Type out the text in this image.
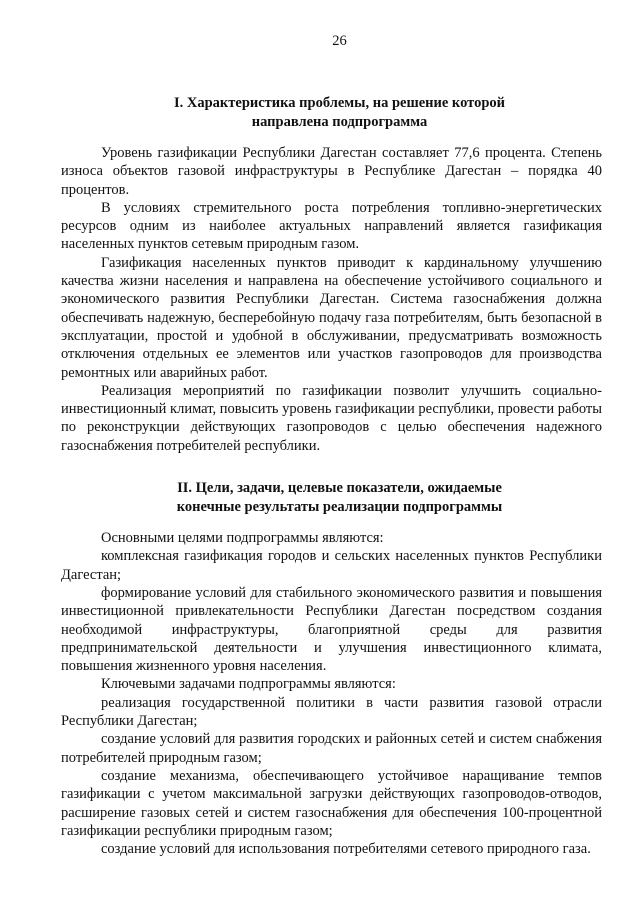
26
I. Характеристика проблемы, на решение которой
направлена подпрограмма

Уровень газификации Республики Дагестан составляет 77,6 процента. Степень износа объектов газовой инфраструктуры в Республике Дагестан – порядка 40 процентов.

В условиях стремительного роста потребления топливно-энергетических ресурсов одним из наиболее актуальных направлений является газификация населенных пунктов сетевым природным газом.

Газификация населенных пунктов приводит к кардинальному улучшению качества жизни населения и направлена на обеспечение устойчивого социального и экономического развития Республики Дагестан. Система газоснабжения должна обеспечивать надежную, бесперебойную подачу газа потребителям, быть безопасной в эксплуатации, простой и удобной в обслуживании, предусматривать возможность отключения отдельных ее элементов или участков газопроводов для производства ремонтных или аварийных работ.

Реализация мероприятий по газификации позволит улучшить социально-инвестиционный климат, повысить уровень газификации республики, провести работы по реконструкции действующих газопроводов с целью обеспечения надежного газоснабжения потребителей республики.

II. Цели, задачи, целевые показатели, ожидаемые
конечные результаты реализации подпрограммы

Основными целями подпрограммы являются:

комплексная газификация городов и сельских населенных пунктов Республики Дагестан;

формирование условий для стабильного экономического развития и повышения инвестиционной привлекательности Республики Дагестан посредством создания необходимой инфраструктуры, благоприятной среды для развития предпринимательской деятельности и улучшения инвестиционного климата, повышения жизненного уровня населения.

Ключевыми задачами подпрограммы являются:

реализация государственной политики в части развития газовой отрасли Республики Дагестан;

создание условий для развития городских и районных сетей и систем снабжения потребителей природным газом;

создание механизма, обеспечивающего устойчивое наращивание темпов газификации с учетом максимальной загрузки действующих газопроводов-отводов, расширение газовых сетей и систем газоснабжения для обеспечения 100-процентной газификации республики природным газом;

создание условий для использования потребителями сетевого природного газа.
